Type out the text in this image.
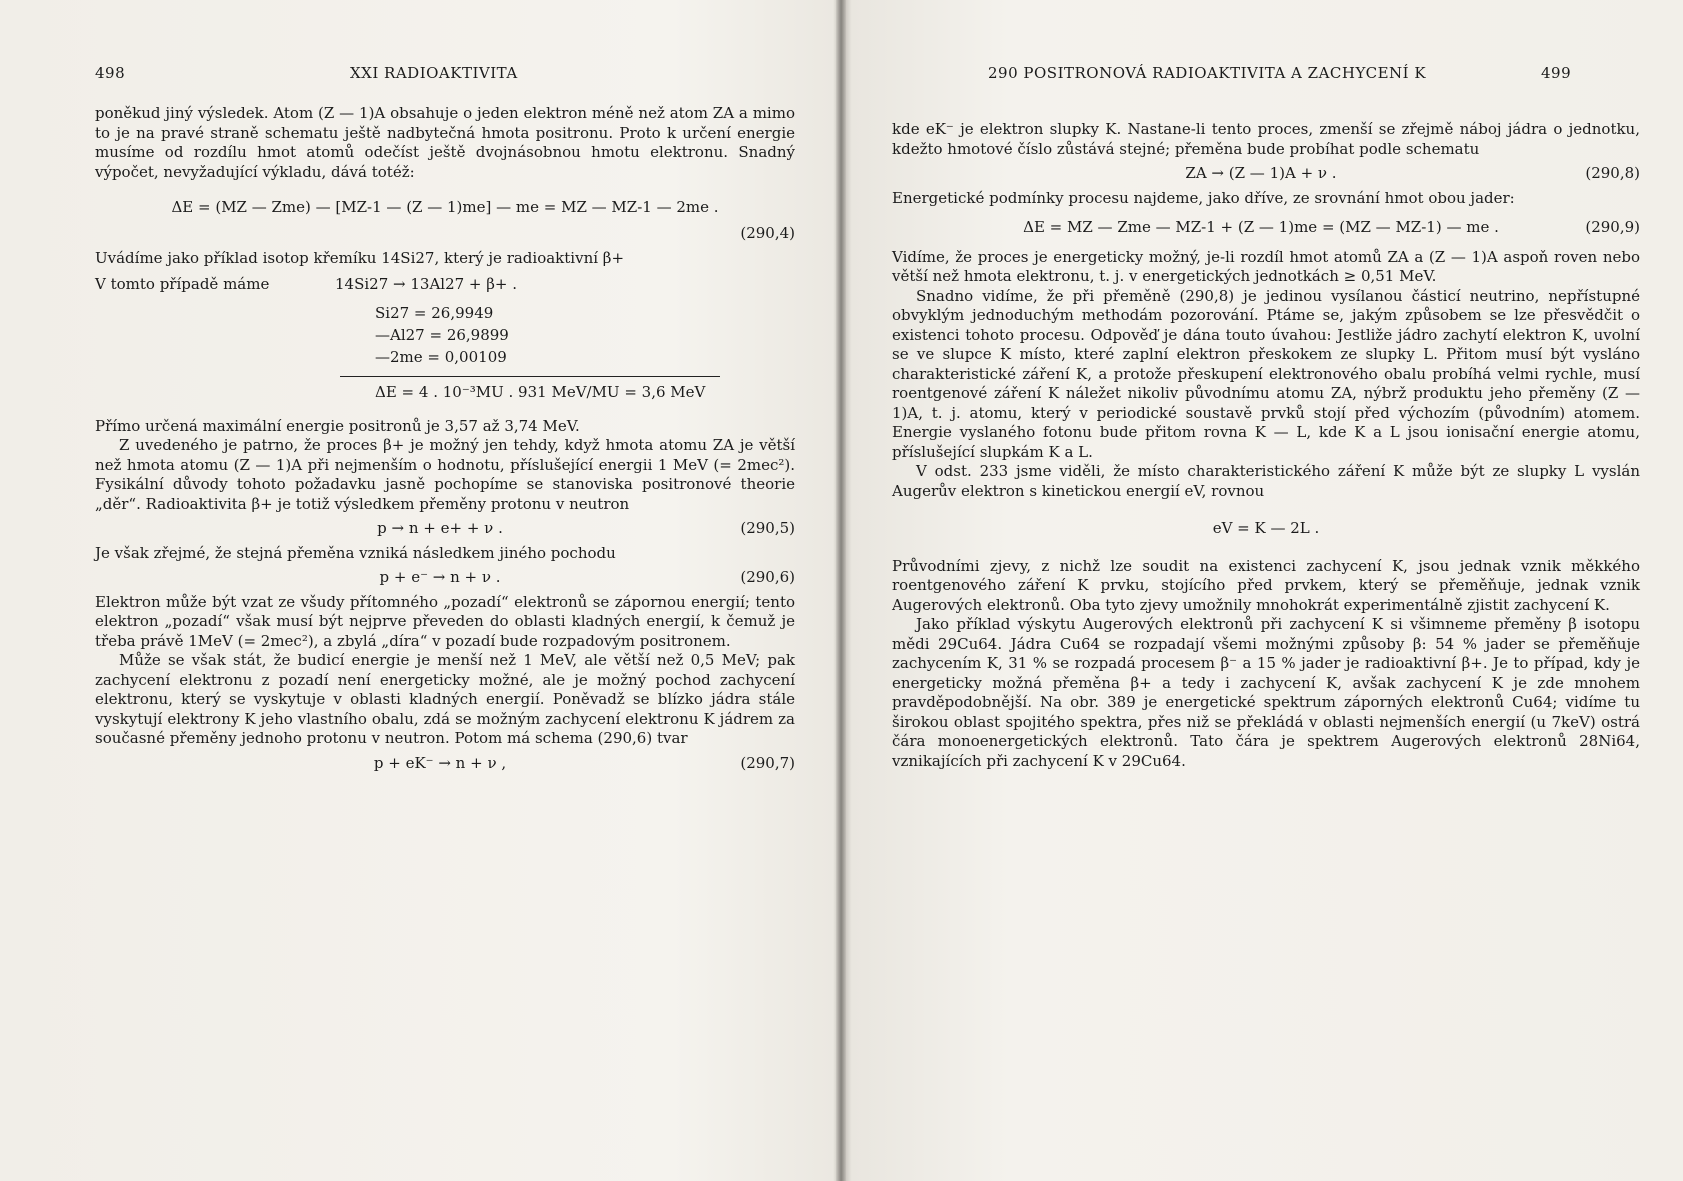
498	XXI RADIOAKTIVITA

poněkud jiný výsledek. Atom (Z — 1)A obsahuje o jeden elektron méně než atom ZA a mimo to je na pravé straně schematu ještě nadbytečná hmota positronu. Proto k určení energie musíme od rozdílu hmot atomů odečíst ještě dvojnásobnou hmotu elektronu. Snadný výpočet, nevyžadující výkladu, dává totéž:

ΔE = (MZ — Zme) — [MZ-1 — (Z — 1)me] — me = MZ — MZ-1 — 2me .
(290,4)

Uvádíme jako příklad isotop křemíku 14Si27, který je radioaktivní β+

V tomto případě máme	14Si27 → 13Al27 + β+ .
Si27 = 26,9949
—Al27 = 26,9899
—2me = 0,00109
ΔE = 4 . 10⁻³MU . 931 MeV/MU = 3,6 MeV

Přímo určená maximální energie positronů je 3,57 až 3,74 MeV.

Z uvedeného je patrno, že proces β+ je možný jen tehdy, když hmota atomu ZA je větší než hmota atomu (Z — 1)A při nejmenším o hodnotu, příslušející energii 1 MeV (= 2mec²). Fysikální důvody tohoto požadavku jasně pochopíme se stanoviska positronové theorie „děr“. Radioaktivita β+ je totiž výsledkem přeměny protonu v neutron

p → n + e+ + ν .	(290,5)

Je však zřejmé, že stejná přeměna vzniká následkem jiného pochodu

p + e⁻ → n + ν .	(290,6)

Elektron může být vzat ze všudy přítomného „pozadí“ elektronů se zápornou energií; tento elektron „pozadí“ však musí být nejprve převeden do oblasti kladných energií, k čemuž je třeba právě 1MeV (= 2mec²), a zbylá „díra“ v pozadí bude rozpadovým positronem.

Může se však stát, že budicí energie je menší než 1 MeV, ale větší než 0,5 MeV; pak zachycení elektronu z pozadí není energeticky možné, ale je možný pochod zachycení elektronu, který se vyskytuje v oblasti kladných energií. Poněvadž se blízko jádra stále vyskytují elektrony K jeho vlastního obalu, zdá se možným zachycení elektronu K jádrem za současné přeměny jednoho protonu v neutron. Potom má schema (290,6) tvar

p + eK⁻ → n + ν ,	(290,7)
290 POSITRONOVÁ RADIOAKTIVITA A ZACHYCENÍ K	499

kde eK⁻ je elektron slupky K. Nastane-li tento proces, zmenší se zřejmě náboj jádra o jednotku, kdežto hmotové číslo zůstává stejné; přeměna bude probíhat podle schematu

ZA → (Z — 1)A + ν .	(290,8)

Energetické podmínky procesu najdeme, jako dříve, ze srovnání hmot obou jader:

ΔE = MZ — Zme — MZ-1 + (Z — 1)me = (MZ — MZ-1) — me .	(290,9)

Vidíme, že proces je energeticky možný, je-li rozdíl hmot atomů ZA a (Z — 1)A aspoň roven nebo větší než hmota elektronu, t. j. v energetických jednotkách ≥ 0,51 MeV.

Snadno vidíme, že při přeměně (290,8) je jedinou vysílanou částicí neutrino, nepřístupné obvyklým jednoduchým methodám pozorování. Ptáme se, jakým způsobem se lze přesvědčit o existenci tohoto procesu. Odpověď je dána touto úvahou: Jestliže jádro zachytí elektron K, uvolní se ve slupce K místo, které zaplní elektron přeskokem ze slupky L. Přitom musí být vysláno charakteristické záření K, a protože přeskupení elektronového obalu probíhá velmi rychle, musí roentgenové záření K náležet nikoliv původnímu atomu ZA, nýbrž produktu jeho přeměny (Z — 1)A, t. j. atomu, který v periodické soustavě prvků stojí před výchozím (původním) atomem. Energie vyslaného fotonu bude přitom rovna K — L, kde K a L jsou ionisační energie atomu, příslušející slupkám K a L.

V odst. 233 jsme viděli, že místo charakteristického záření K může být ze slupky L vyslán Augerův elektron s kinetickou energií eV, rovnou

eV = K — 2L .

Průvodními zjevy, z nichž lze soudit na existenci zachycení K, jsou jednak vznik měkkého roentgenového záření K prvku, stojícího před prvkem, který se přeměňuje, jednak vznik Augerových elektronů. Oba tyto zjevy umožnily mnohokrát experimentálně zjistit zachycení K.

Jako příklad výskytu Augerových elektronů při zachycení K si všimneme přeměny β isotopu mědi 29Cu64. Jádra Cu64 se rozpadají všemi možnými způsoby β: 54 % jader se přeměňuje zachycením K, 31 % se rozpadá procesem β⁻ a 15 % jader je radioaktivní β+. Je to případ, kdy je energeticky možná přeměna β+ a tedy i zachycení K, avšak zachycení K je zde mnohem pravděpodobnější. Na obr. 389 je energetické spektrum záporných elektronů Cu64; vidíme tu širokou oblast spojitého spektra, přes niž se překládá v oblasti nejmenších energií (u 7keV) ostrá čára monoenergetických elektronů. Tato čára je spektrem Augerových elektronů 28Ni64, vznikajících při zachycení K v 29Cu64.
